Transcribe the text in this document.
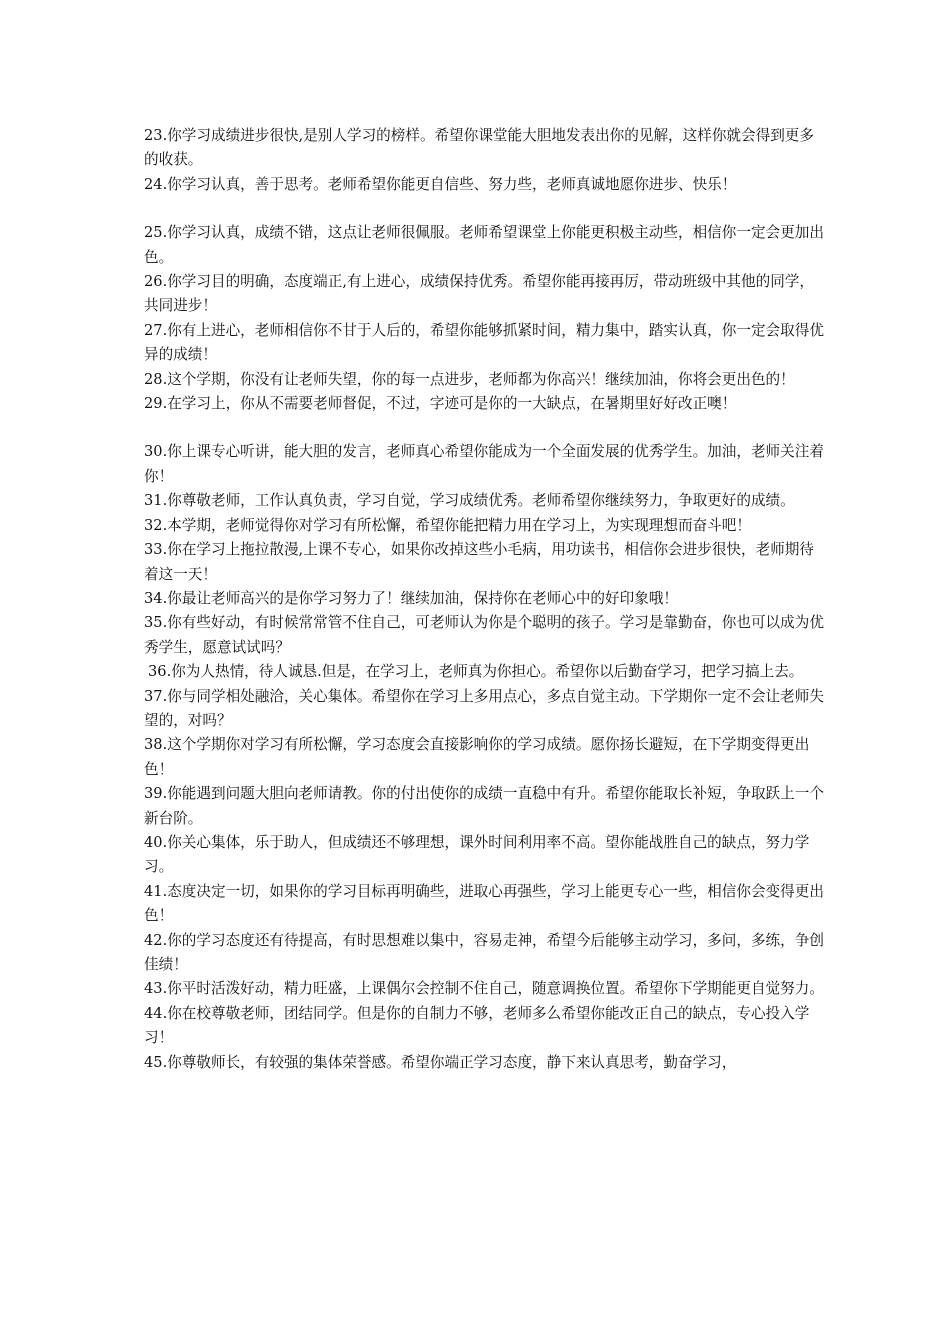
23.你学习成绩进步很快,是别人学习的榜样。希望你课堂能大胆地发表出你的见解，这样你就会得到更多的收获。

24.你学习认真，善于思考。老师希望你能更自信些、努力些，老师真诚地愿你进步、快乐！

25.你学习认真，成绩不错，这点让老师很佩服。老师希望课堂上你能更积极主动些，相信你一定会更加出色。

26.你学习目的明确，态度端正,有上进心，成绩保持优秀。希望你能再接再厉，带动班级中其他的同学，共同进步！

27.你有上进心，老师相信你不甘于人后的，希望你能够抓紧时间，精力集中，踏实认真，你一定会取得优异的成绩！

28.这个学期，你没有让老师失望，你的每一点进步，老师都为你高兴！继续加油，你将会更出色的！

29.在学习上，你从不需要老师督促，不过，字迹可是你的一大缺点，在暑期里好好改正噢！

30.你上课专心听讲，能大胆的发言，老师真心希望你能成为一个全面发展的优秀学生。加油，老师关注着你！

31.你尊敬老师，工作认真负责，学习自觉，学习成绩优秀。老师希望你继续努力，争取更好的成绩。

32.本学期，老师觉得你对学习有所松懈，希望你能把精力用在学习上，为实现理想而奋斗吧！

33.你在学习上拖拉散漫,上课不专心，如果你改掉这些小毛病，用功读书，相信你会进步很快，老师期待着这一天！

34.你最让老师高兴的是你学习努力了！继续加油，保持你在老师心中的好印象哦！

35.你有些好动，有时候常常管不住自己，可老师认为你是个聪明的孩子。学习是靠勤奋，你也可以成为优秀学生，愿意试试吗？

36.你为人热情，待人诚恳.但是，在学习上，老师真为你担心。希望你以后勤奋学习，把学习搞上去。

37.你与同学相处融洽，关心集体。希望你在学习上多用点心，多点自觉主动。下学期你一定不会让老师失望的，对吗？

38.这个学期你对学习有所松懈，学习态度会直接影响你的学习成绩。愿你扬长避短，在下学期变得更出色！

39.你能遇到问题大胆向老师请教。你的付出使你的成绩一直稳中有升。希望你能取长补短，争取跃上一个新台阶。

40.你关心集体，乐于助人，但成绩还不够理想，课外时间利用率不高。望你能战胜自己的缺点，努力学习。

41.态度决定一切，如果你的学习目标再明确些，进取心再强些，学习上能更专心一些，相信你会变得更出色！

42.你的学习态度还有待提高，有时思想难以集中，容易走神，希望今后能够主动学习，多问，多练，争创佳绩！

43.你平时活泼好动，精力旺盛，上课偶尔会控制不住自己，随意调换位置。希望你下学期能更自觉努力。

44.你在校尊敬老师，团结同学。但是你的自制力不够，老师多么希望你能改正自己的缺点，专心投入学习！

45.你尊敬师长，有较强的集体荣誉感。希望你端正学习态度，静下来认真思考，勤奋学习，
